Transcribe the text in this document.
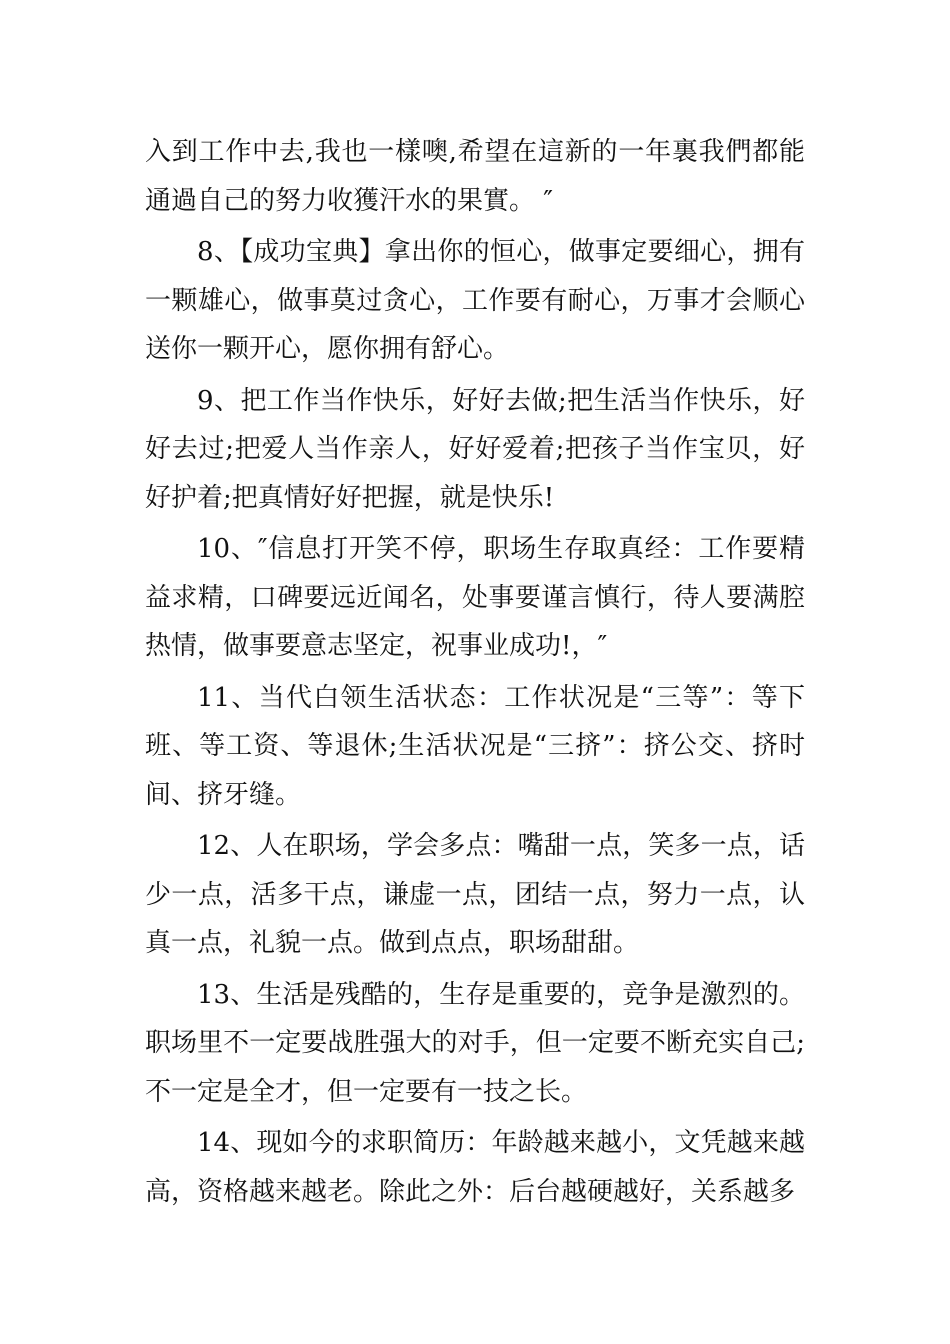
入到工作中去,我也一樣噢,希望在這新的一年裏我們都能通過自己的努力收獲汗水的果實。 ″

8、【成功宝典】拿出你的恒心，做事定要细心，拥有一颗雄心，做事莫过贪心，工作要有耐心，万事才会顺心送你一颗开心，愿你拥有舒心。

9、把工作当作快乐，好好去做;把生活当作快乐，好好去过;把爱人当作亲人，好好爱着;把孩子当作宝贝，好好护着;把真情好好把握，就是快乐!

10、″信息打开笑不停，职场生存取真经：工作要精益求精，口碑要远近闻名，处事要谨言慎行，待人要满腔热情，做事要意志坚定，祝事业成功!，″

11、当代白领生活状态：工作状况是“三等”：等下班、等工资、等退休;生活状况是“三挤”：挤公交、挤时间、挤牙缝。

12、人在职场，学会多点：嘴甜一点，笑多一点，话少一点，活多干点，谦虚一点，团结一点，努力一点，认真一点，礼貌一点。做到点点，职场甜甜。

13、生活是残酷的，生存是重要的，竞争是激烈的。职场里不一定要战胜强大的对手，但一定要不断充实自己;不一定是全才，但一定要有一技之长。

14、现如今的求职简历：年龄越来越小，文凭越来越高，资格越来越老。除此之外：后台越硬越好，关系越多
